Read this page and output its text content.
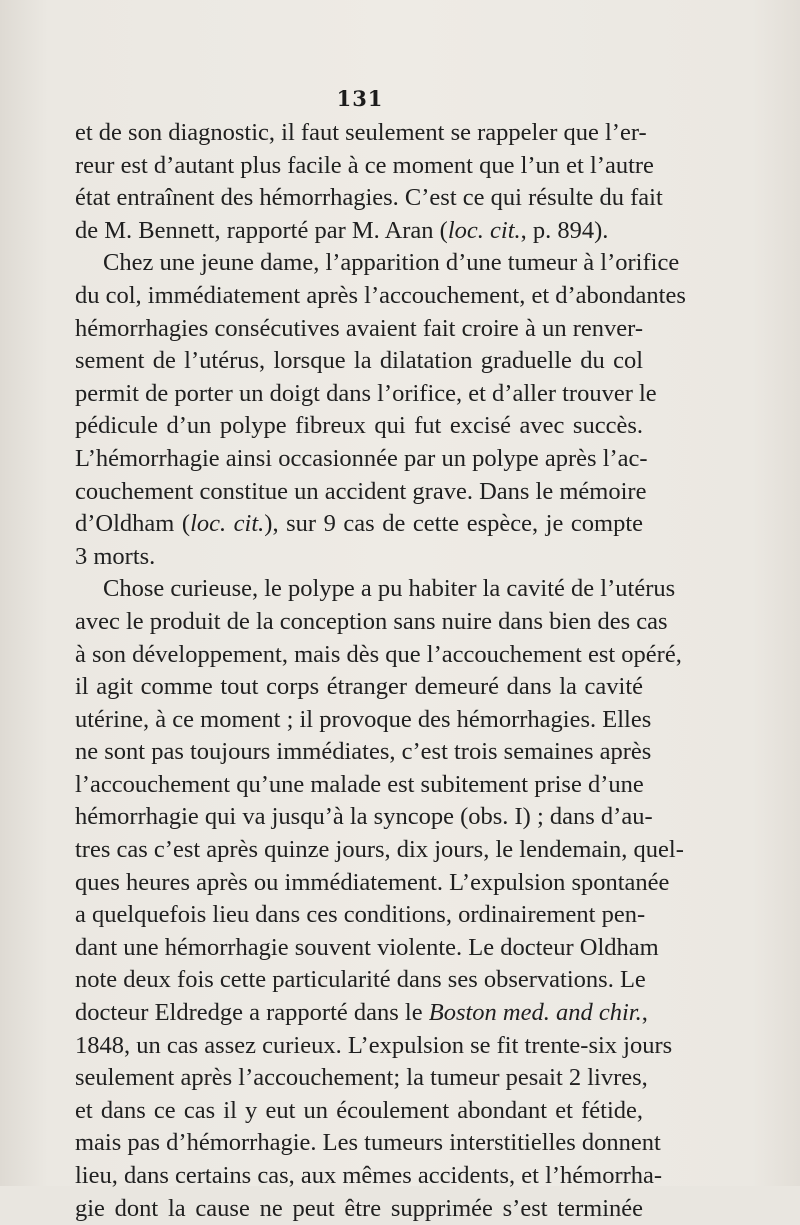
131
et de son diagnostic, il faut seulement se rappeler que l’er-
reur est d’autant plus facile à ce moment que l’un et l’autre
état entraînent des hémorrhagies. C’est ce qui résulte du fait
de M. Bennett, rapporté par M. Aran (loc. cit., p. 894).
Chez une jeune dame, l’apparition d’une tumeur à l’orifice
du col, immédiatement après l’accouchement, et d’abondantes
hémorrhagies consécutives avaient fait croire à un renver-
sement de l’utérus, lorsque la dilatation graduelle du col
permit de porter un doigt dans l’orifice, et d’aller trouver le
pédicule d’un polype fibreux qui fut excisé avec succès.
L’hémorrhagie ainsi occasionnée par un polype après l’ac-
couchement constitue un accident grave. Dans le mémoire
d’Oldham (loc. cit.), sur 9 cas de cette espèce, je compte
3 morts.
Chose curieuse, le polype a pu habiter la cavité de l’utérus
avec le produit de la conception sans nuire dans bien des cas
à son développement, mais dès que l’accouchement est opéré,
il agit comme tout corps étranger demeuré dans la cavité
utérine, à ce moment ; il provoque des hémorrhagies. Elles
ne sont pas toujours immédiates, c’est trois semaines après
l’accouchement qu’une malade est subitement prise d’une
hémorrhagie qui va jusqu’à la syncope (obs. I) ; dans d’au-
tres cas c’est après quinze jours, dix jours, le lendemain, quel-
ques heures après ou immédiatement. L’expulsion spontanée
a quelquefois lieu dans ces conditions, ordinairement pen-
dant une hémorrhagie souvent violente. Le docteur Oldham
note deux fois cette particularité dans ses observations. Le
docteur Eldredge a rapporté dans le Boston med. and chir.,
1848, un cas assez curieux. L’expulsion se fit trente-six jours
seulement après l’accouchement; la tumeur pesait 2 livres,
et dans ce cas il y eut un écoulement abondant et fétide,
mais pas d’hémorrhagie. Les tumeurs interstitielles donnent
lieu, dans certains cas, aux mêmes accidents, et l’hémorrha-
gie dont la cause ne peut être supprimée s’est terminée
